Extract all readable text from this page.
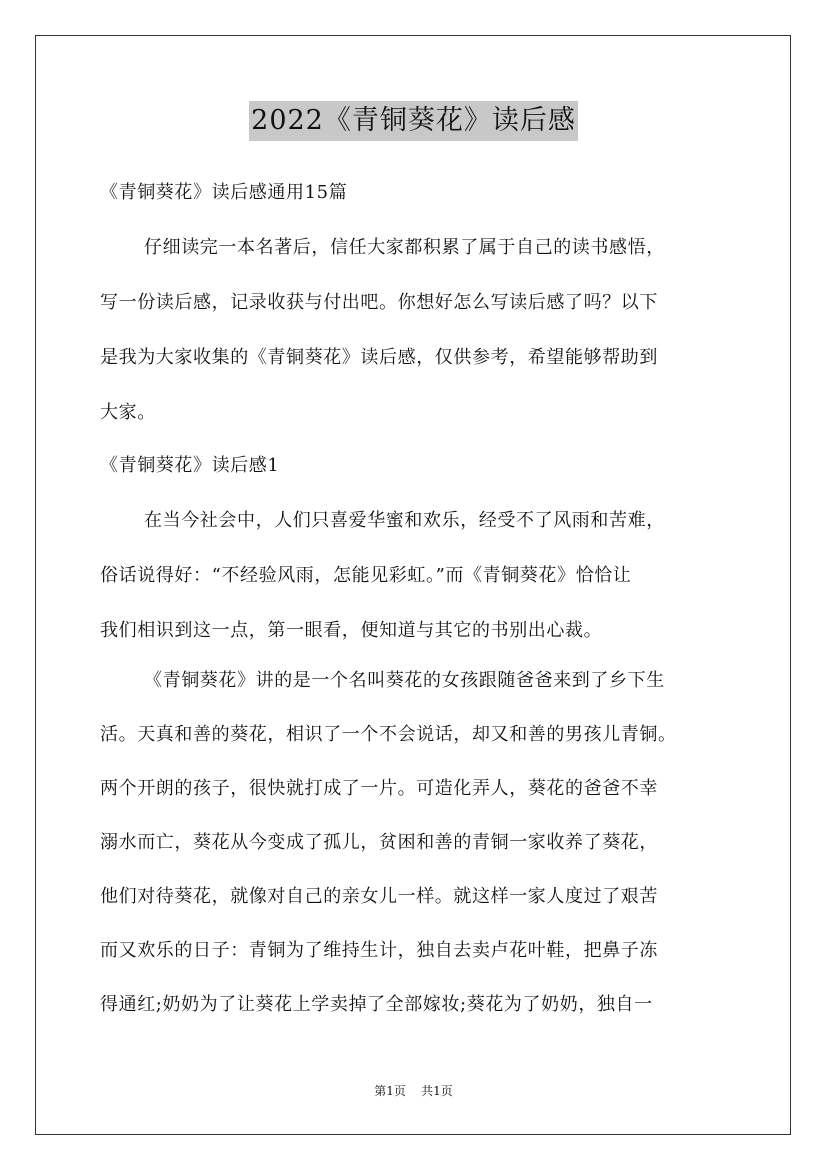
2022《青铜葵花》读后感
《青铜葵花》读后感通用15篇
仔细读完一本名著后，信任大家都积累了属于自己的读书感悟，
写一份读后感，记录收获与付出吧。你想好怎么写读后感了吗？以下
是我为大家收集的《青铜葵花》读后感，仅供参考，希望能够帮助到
大家。
《青铜葵花》读后感1
在当今社会中，人们只喜爱华蜜和欢乐，经受不了风雨和苦难，
俗话说得好：“不经验风雨，怎能见彩虹。”而《青铜葵花》恰恰让
我们相识到这一点，第一眼看，便知道与其它的书别出心裁。
《青铜葵花》讲的是一个名叫葵花的女孩跟随爸爸来到了乡下生
活。天真和善的葵花，相识了一个不会说话，却又和善的男孩儿青铜。
两个开朗的孩子，很快就打成了一片。可造化弄人，葵花的爸爸不幸
溺水而亡，葵花从今变成了孤儿，贫困和善的青铜一家收养了葵花，
他们对待葵花，就像对自己的亲女儿一样。就这样一家人度过了艰苦
而又欢乐的日子：青铜为了维持生计，独自去卖卢花叶鞋，把鼻子冻
得通红;奶奶为了让葵花上学卖掉了全部嫁妆;葵花为了奶奶，独自一
第1页 共1页
